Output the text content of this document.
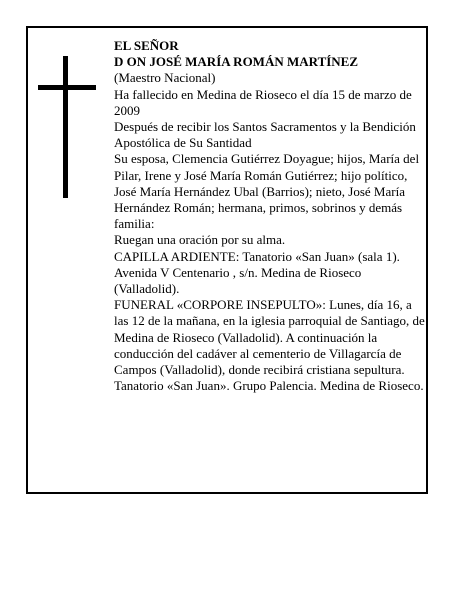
EL SEÑOR

D ON JOSÉ MARÍA ROMÁN MARTÍNEZ

(Maestro Nacional)

Ha fallecido en Medina de Rioseco el día 15 de marzo de 2009

Después de recibir los Santos Sacramentos y la Bendición Apostólica de Su Santidad

Su esposa, Clemencia Gutiérrez Doyague; hijos, María del Pilar, Irene y José María Román Gutiérrez; hijo político, José María Hernández Ubal (Barrios); nieto, José María Hernández Román; hermana, primos, sobrinos y demás familia:

Ruegan una oración por su alma.

CAPILLA ARDIENTE: Tanatorio «San Juan» (sala 1). Avenida V Centenario , s/n. Medina de Rioseco (Valladolid).

FUNERAL «CORPORE INSEPULTO»: Lunes, día 16, a las 12 de la mañana, en la iglesia parroquial de Santiago, de Medina de Rioseco (Valladolid). A continuación la conducción del cadáver al cementerio de Villagarcía de Campos (Valladolid), donde recibirá cristiana sepultura.

Tanatorio «San Juan». Grupo Palencia. Medina de Rioseco.
